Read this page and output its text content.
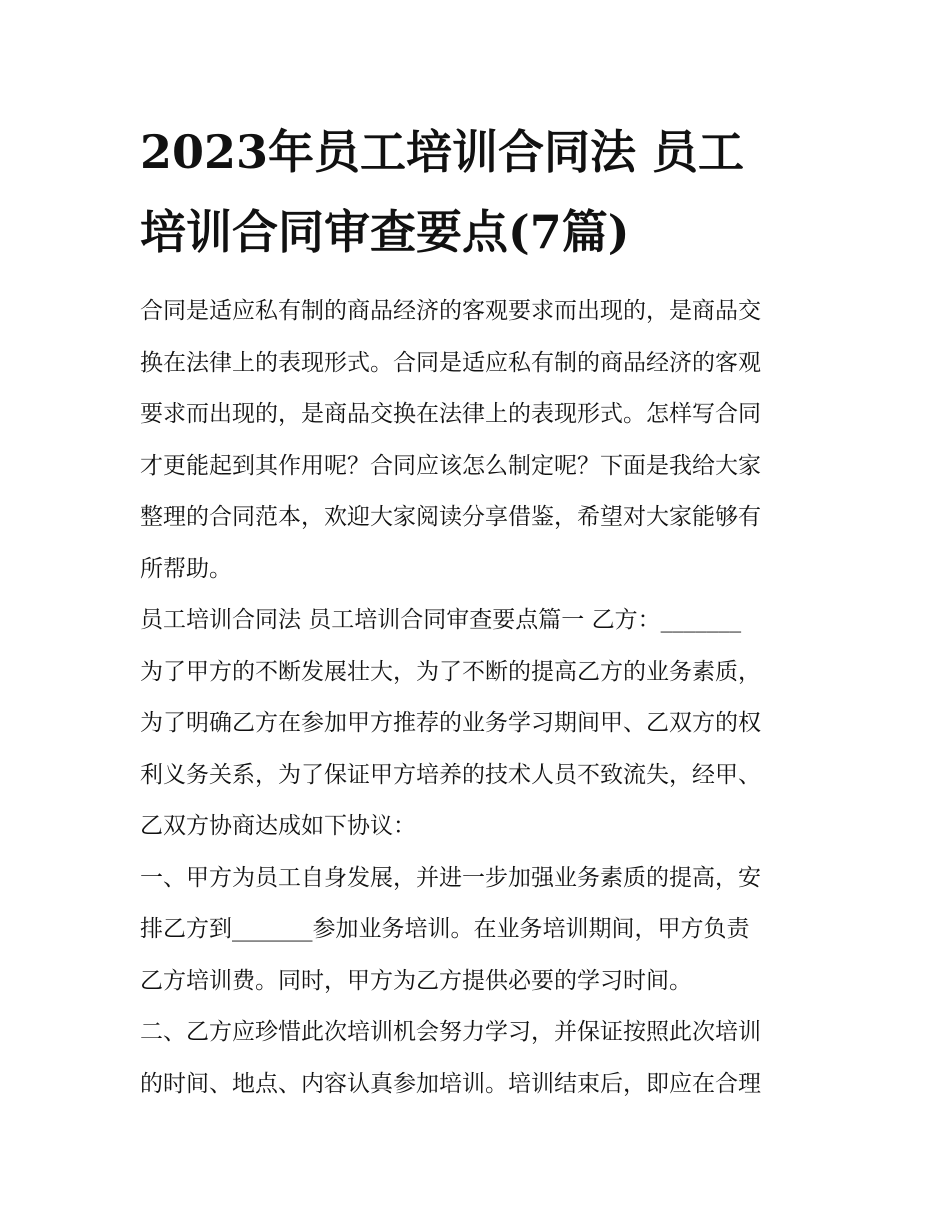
2023年员工培训合同法 员工
培训合同审查要点(7篇)

合同是适应私有制的商品经济的客观要求而出现的，是商品交
换在法律上的表现形式。合同是适应私有制的商品经济的客观
要求而出现的，是商品交换在法律上的表现形式。怎样写合同
才更能起到其作用呢？合同应该怎么制定呢？下面是我给大家
整理的合同范本，欢迎大家阅读分享借鉴，希望对大家能够有
所帮助。

员工培训合同法 员工培训合同审查要点篇一 乙方：_______
为了甲方的不断发展壮大，为了不断的提高乙方的业务素质，
为了明确乙方在参加甲方推荐的业务学习期间甲、乙双方的权
利义务关系，为了保证甲方培养的技术人员不致流失，经甲、
乙双方协商达成如下协议：

一、甲方为员工自身发展，并进一步加强业务素质的提高，安
排乙方到_______参加业务培训。在业务培训期间，甲方负责
乙方培训费。同时，甲方为乙方提供必要的学习时间。

二、乙方应珍惜此次培训机会努力学习，并保证按照此次培训
的时间、地点、内容认真参加培训。培训结束后，即应在合理
